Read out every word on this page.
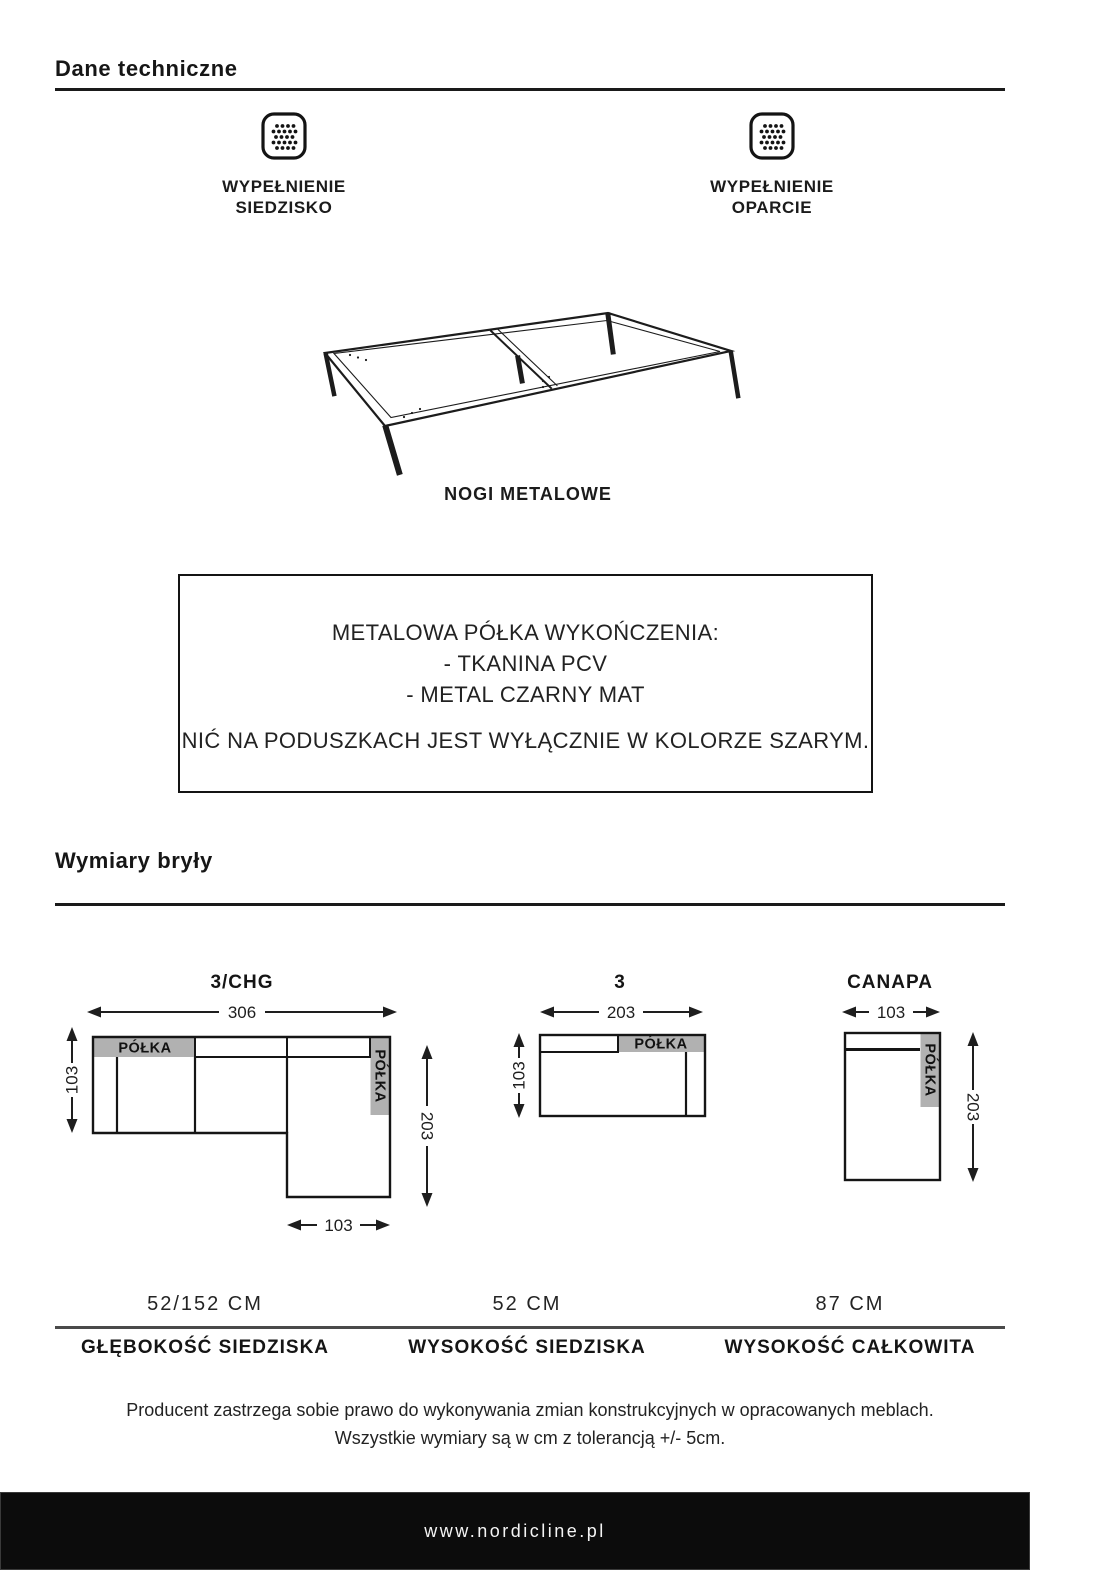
Dane techniczne
WYPEŁNIENIE
SIEDZISKO
WYPEŁNIENIE
OPARCIE
NOGI METALOWE
METALOWA PÓŁKA WYKOŃCZENIA:
- TKANINA PCV
- METAL CZARNY MAT
NIĆ NA PODUSZKACH JEST WYŁĄCZNIE W KOLORZE SZARYM.
Wymiary bryły
3/CHG
306
103
203
103
PÓŁKA
PÓŁKA
3
203
103
PÓŁKA
CANAPA
103
203
PÓŁKA
52/152 CM	52 CM	87 CM
GŁĘBOKOŚĆ SIEDZISKA	WYSOKOŚĆ SIEDZISKA	WYSOKOŚĆ CAŁKOWITA
Producent zastrzega sobie prawo do wykonywania zmian konstrukcyjnych w opracowanych meblach.
Wszystkie wymiary są w cm z tolerancją +/- 5cm.
www.nordicline.pl
